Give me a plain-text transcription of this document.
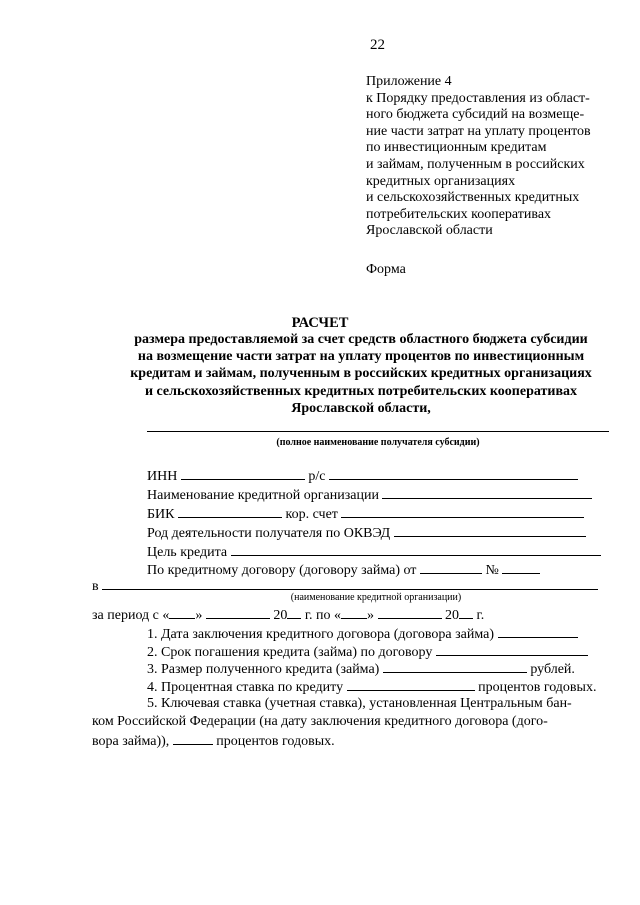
22
Приложение 4
к Порядку предоставления из област-
ного бюджета субсидий на возмеще-
ние части затрат на уплату процентов
по инвестиционным кредитам
и займам, полученным в российских
кредитных организациях
и сельскохозяйственных кредитных
потребительских кооперативах
Ярославской области
Форма
РАСЧЕТ
размера предоставляемой за счет средств областного бюджета субсидии
на возмещение части затрат на уплату процентов по инвестиционным
кредитам и займам, полученным в российских кредитных организациях
и сельскохозяйственных кредитных потребительских кооперативах
Ярославской области,
(полное наименование получателя субсидии)
ИНН	р/с
Наименование кредитной организации
БИК	кор. счет
Род деятельности получателя по ОКВЭД
Цель кредита
По кредитному договору (договору займа) от	№
в
(наименование кредитной организации)
за период с « »	20 г. по « »	20 г.
1. Дата заключения кредитного договора (договора займа)
2. Срок погашения кредита (займа) по договору
3. Размер полученного кредита (займа)	рублей.
4. Процентная ставка по кредиту	процентов годовых.
5. Ключевая ставка (учетная ставка), установленная Центральным бан-
ком Российской Федерации (на дату заключения кредитного договора (дого-
вора займа)),	процентов годовых.
